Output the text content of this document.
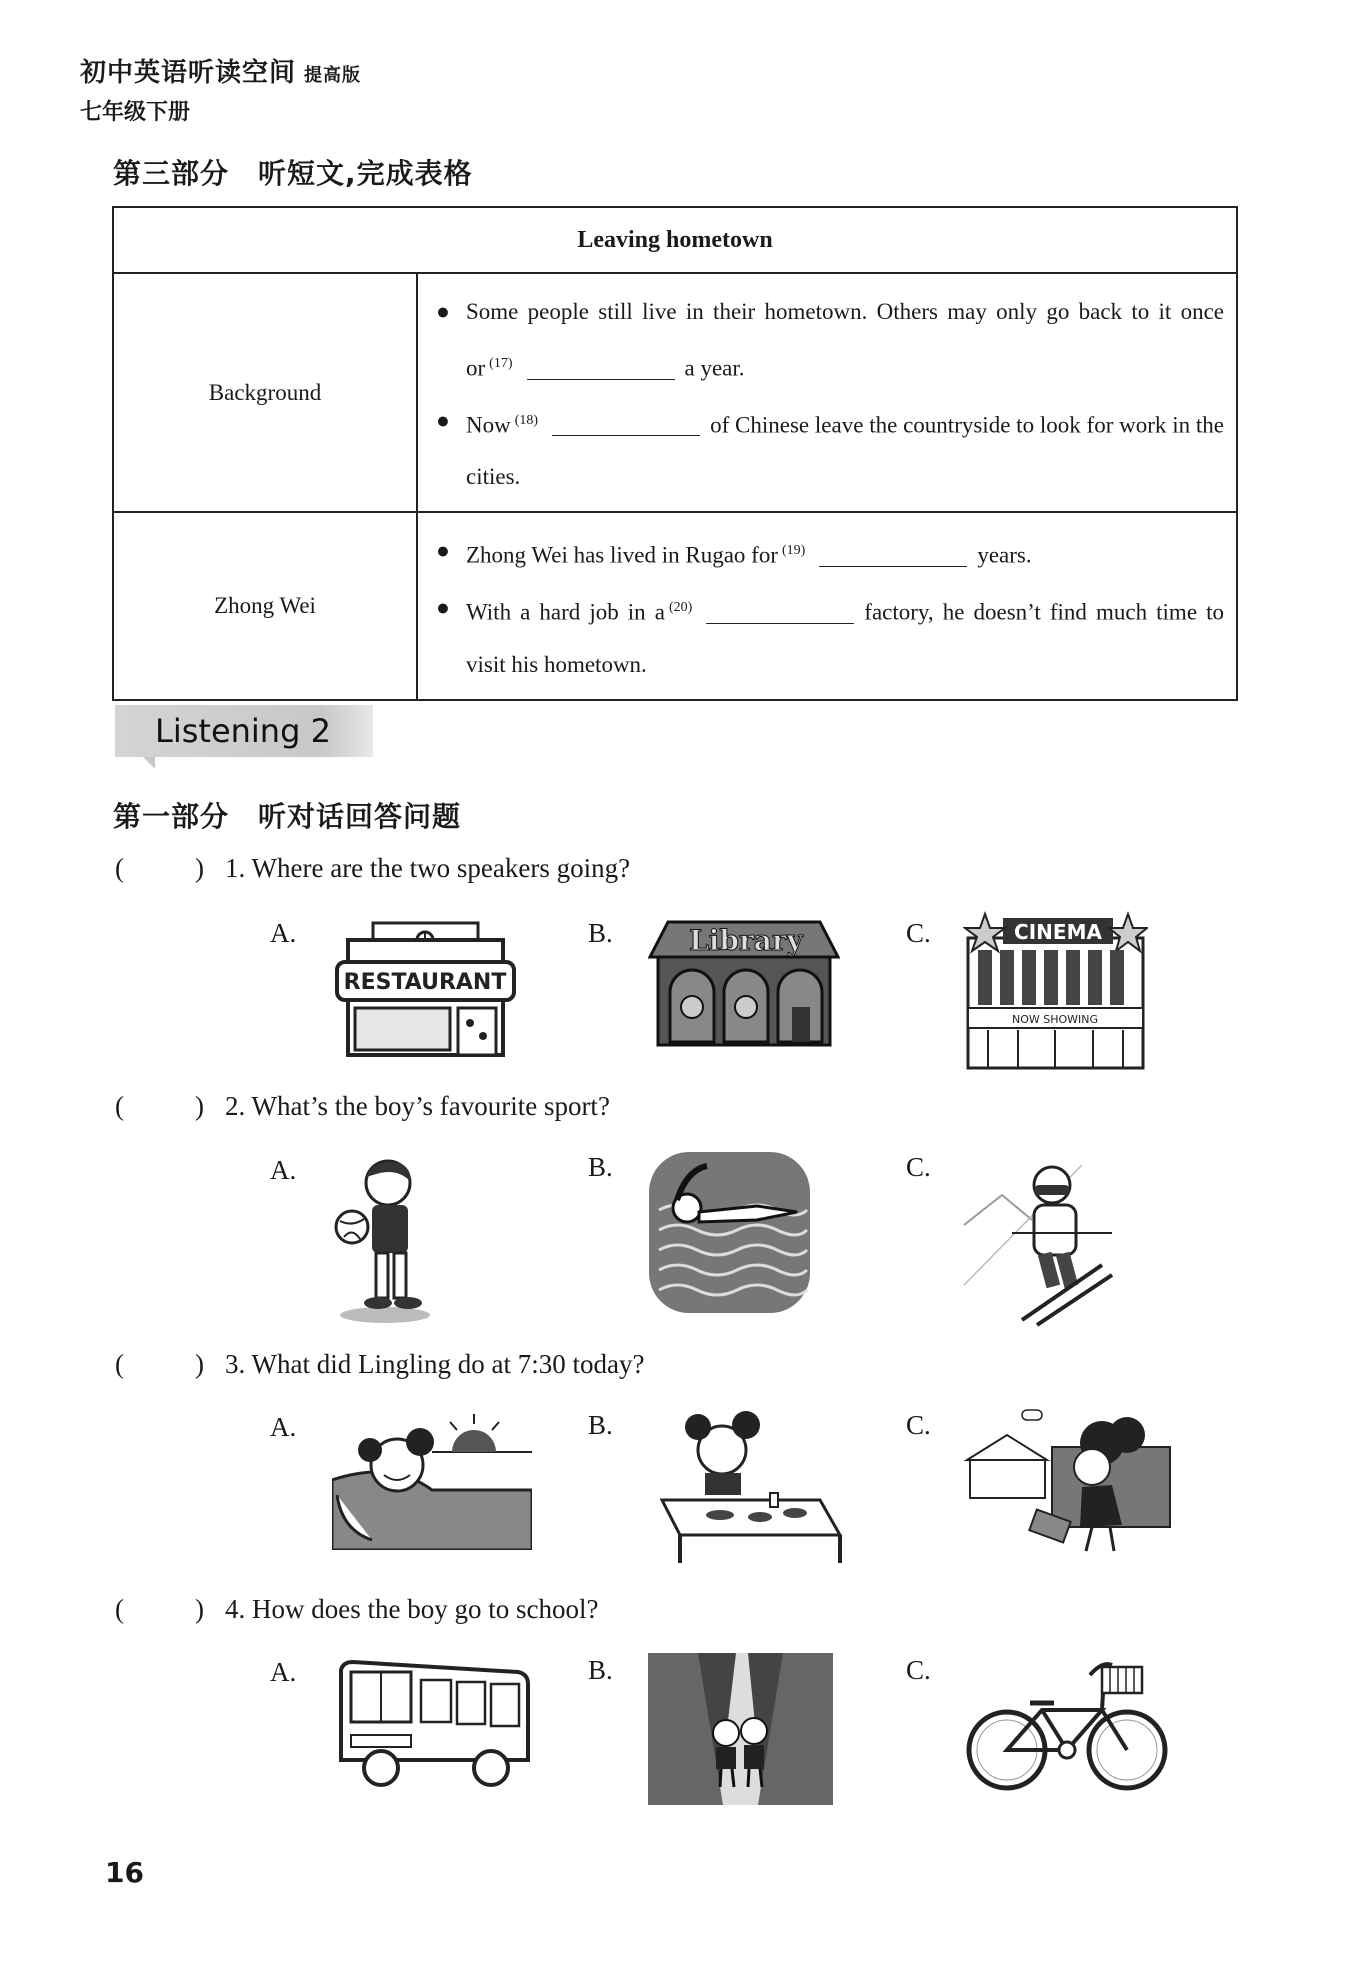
初中英语听读空间 提高版
七年级下册
第三部分　听短文,完成表格
Leaving hometown	
Background	● Some people still live in their hometown. Others may only go back to it once or $^{(17)}$ a year.
● Now $^{(18)}$ of Chinese leave the countryside to look for work in the cities.

Zhong Wei	● Zhong Wei has lived in Rugao for $^{(19)}$ years.
● With a hard job in a $^{(20)}$ factory, he doesn’t find much time to visit his hometown.
Listening 2
第一部分　听对话回答问题
(	) 1. Where are the two speakers going?
A.	B.	C.
RESTAURANT
Library	CINEMA
NOW SHOWING
(	) 2. What’s the boy’s favourite sport?
A.	B.	C.
(	) 3. What did Lingling do at 7:30 today?
A.	B.	C.
(	) 4. How does the boy go to school?
A.	B.	C.
16
